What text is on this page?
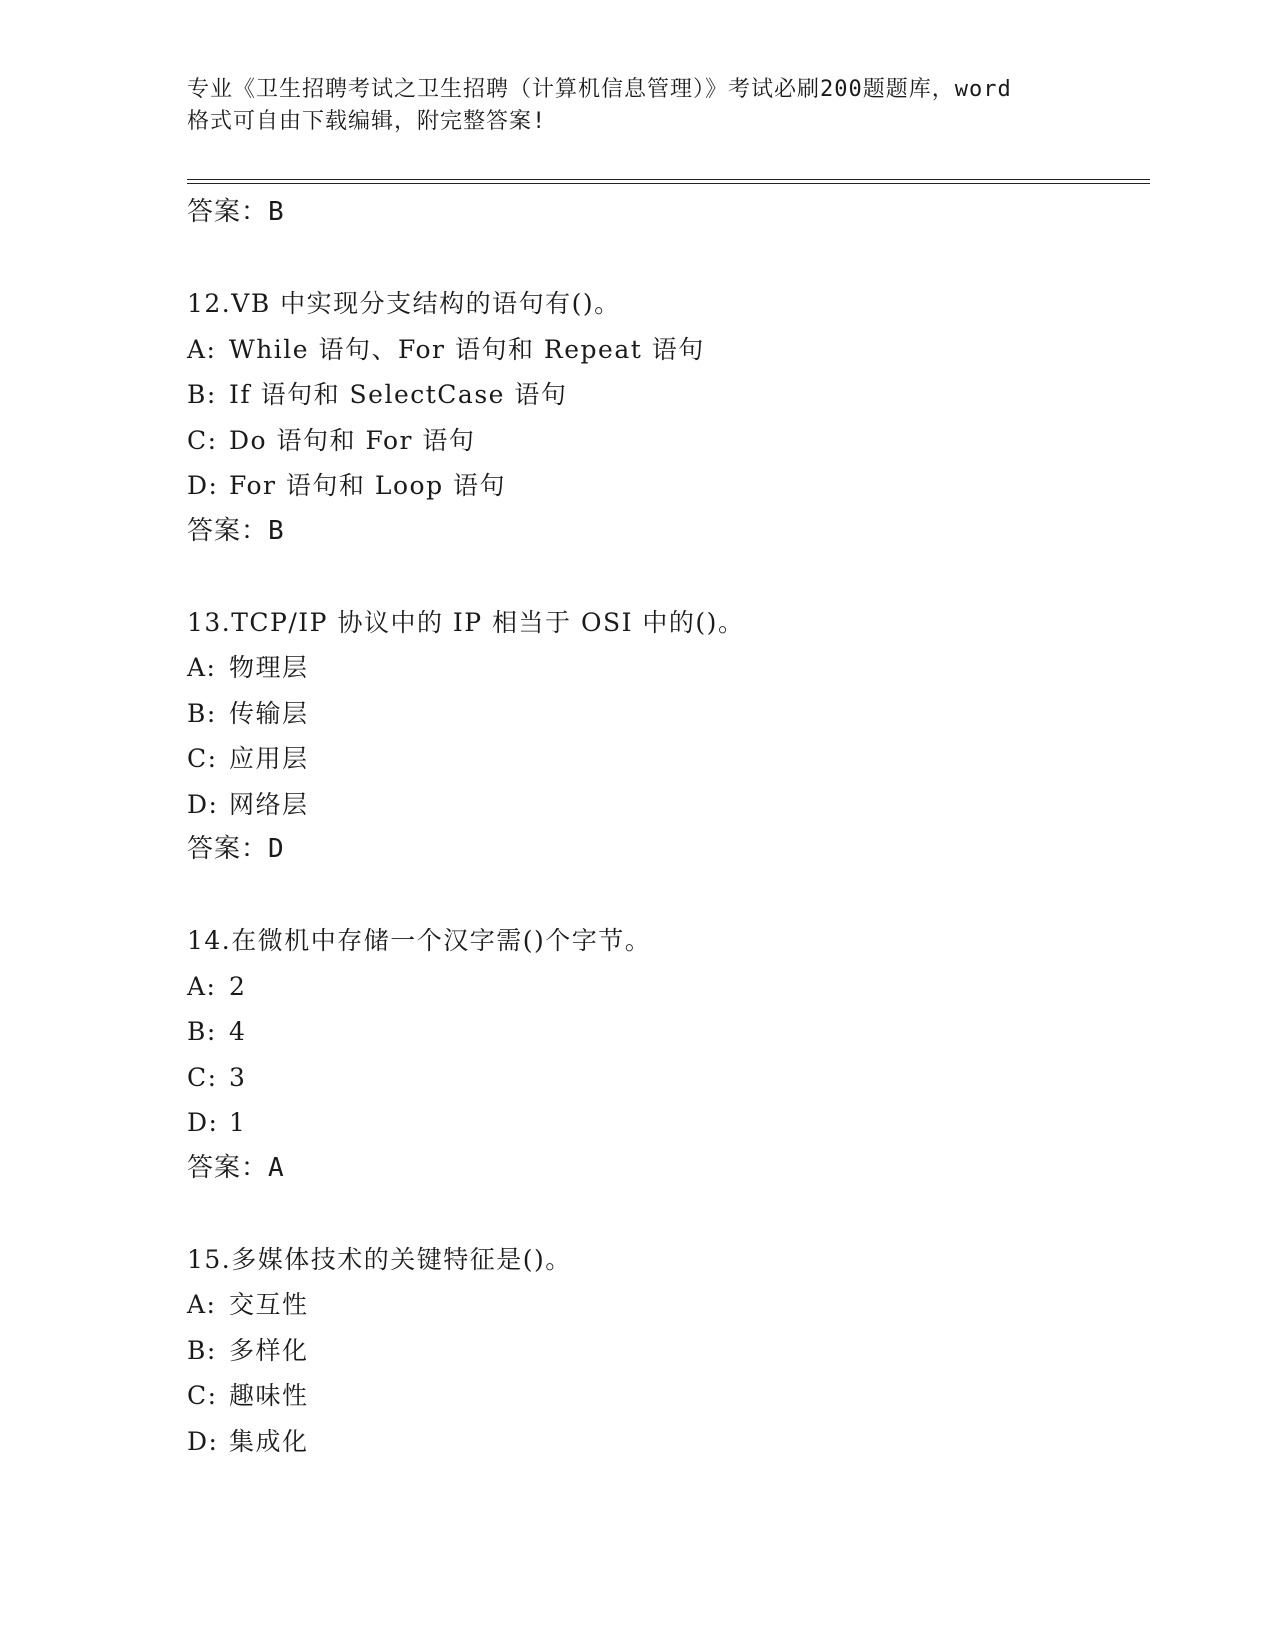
专业《卫生招聘考试之卫生招聘（计算机信息管理）》考试必刷200题题库，word
格式可自由下载编辑，附完整答案!
答案：B
12.VB 中实现分支结构的语句有()。
A: While 语句、For 语句和 Repeat 语句
B: If 语句和 SelectCase 语句
C: Do 语句和 For 语句
D: For 语句和 Loop 语句
答案：B
13.TCP/IP 协议中的 IP 相当于 OSI 中的()。
A: 物理层
B: 传输层
C: 应用层
D: 网络层
答案：D
14.在微机中存储一个汉字需()个字节。
A: 2
B: 4
C: 3
D: 1
答案：A
15.多媒体技术的关键特征是()。
A: 交互性
B: 多样化
C: 趣味性
D: 集成化
